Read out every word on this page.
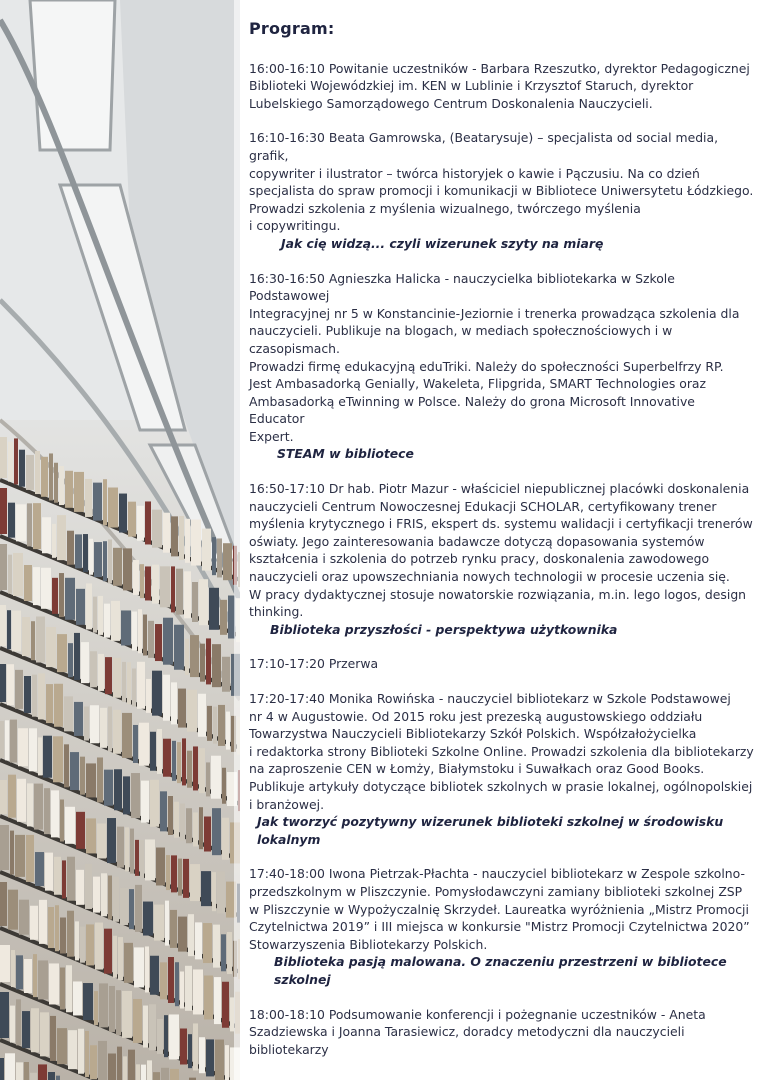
Program:
16:00-16:10 Powitanie uczestników - Barbara Rzeszutko, dyrektor Pedagogicznej
Biblioteki Wojewódzkiej im. KEN w Lublinie i Krzysztof Staruch, dyrektor
Lubelskiego Samorządowego Centrum Doskonalenia Nauczycieli.
16:10-16:30 Beata Gamrowska, (Beatarysuje) – specjalista od social media, grafik,
copywriter i ilustrator – twórca historyjek o kawie i Pączusiu. Na co dzień
specjalista do spraw promocji i komunikacji w Bibliotece Uniwersytetu Łódzkiego.
Prowadzi szkolenia z myślenia wizualnego, twórczego myślenia
i copywritingu.
Jak cię widzą... czyli wizerunek szyty na miarę
16:30-16:50 Agnieszka Halicka - nauczycielka bibliotekarka w Szkole Podstawowej
Integracyjnej nr 5 w Konstancinie-Jeziornie i trenerka prowadząca szkolenia dla
nauczycieli. Publikuje na blogach, w mediach społecznościowych i w czasopismach.
Prowadzi firmę edukacyjną eduTriki. Należy do społeczności Superbelfrzy RP.
Jest Ambasadorką Genially, Wakeleta, Flipgrida, SMART Technologies oraz
Ambasadorką eTwinning w Polsce. Należy do grona Microsoft Innovative Educator
Expert.
STEAM w bibliotece
16:50-17:10 Dr hab. Piotr Mazur - właściciel niepublicznej placówki doskonalenia
nauczycieli Centrum Nowoczesnej Edukacji SCHOLAR, certyfikowany trener
myślenia krytycznego i FRIS, ekspert ds. systemu walidacji i certyfikacji trenerów
oświaty. Jego zainteresowania badawcze dotyczą dopasowania systemów
kształcenia i szkolenia do potrzeb rynku pracy, doskonalenia zawodowego
nauczycieli oraz upowszechniania nowych technologii w procesie uczenia się.
W pracy dydaktycznej stosuje nowatorskie rozwiązania, m.in. lego logos, design
thinking.
Biblioteka przyszłości - perspektywa użytkownika
17:10-17:20 Przerwa
17:20-17:40 Monika Rowińska - nauczyciel bibliotekarz w Szkole Podstawowej
nr 4 w Augustowie. Od 2015 roku jest prezeską augustowskiego oddziału
Towarzystwa Nauczycieli Bibliotekarzy Szkół Polskich. Współzałożycielka
i redaktorka strony Biblioteki Szkolne Online. Prowadzi szkolenia dla bibliotekarzy
na zaproszenie CEN w Łomży, Białymstoku i Suwałkach oraz Good Books.
Publikuje artykuły dotyczące bibliotek szkolnych w prasie lokalnej, ogólnopolskiej
i branżowej.
Jak tworzyć pozytywny wizerunek biblioteki szkolnej w środowisku lokalnym
17:40-18:00 Iwona Pietrzak-Płachta - nauczyciel bibliotekarz w Zespole szkolno-
przedszkolnym w Pliszczynie. Pomysłodawczyni zamiany biblioteki szkolnej ZSP
w Pliszczynie w Wypożyczalnię Skrzydeł. Laureatka wyróżnienia „Mistrz Promocji
Czytelnictwa 2019” i III miejsca w konkursie "Mistrz Promocji Czytelnictwa 2020”
Stowarzyszenia Bibliotekarzy Polskich.
Biblioteka pasją malowana. O znaczeniu przestrzeni w bibliotece szkolnej
18:00-18:10 Podsumowanie konferencji i pożegnanie uczestników - Aneta
Szadziewska i Joanna Tarasiewicz, doradcy metodyczni dla nauczycieli
bibliotekarzy
